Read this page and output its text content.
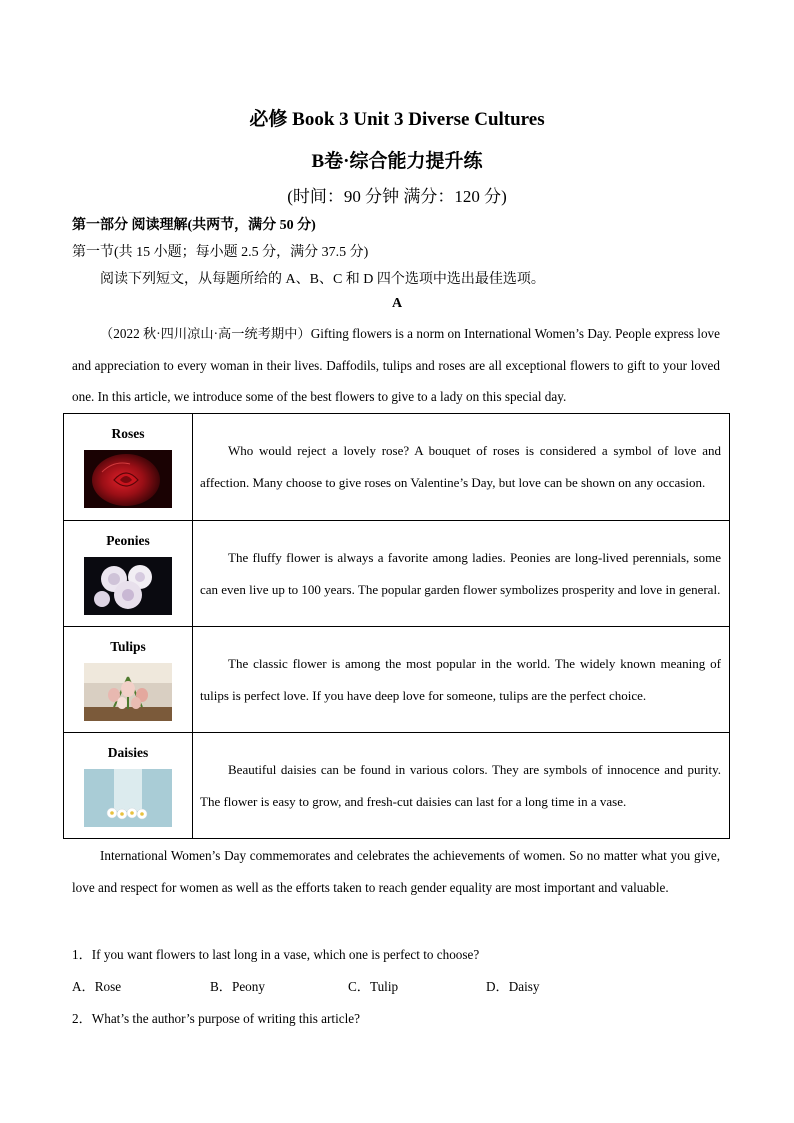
必修 Book 3 Unit 3 Diverse Cultures
B卷·综合能力提升练
(时间：90 分钟 满分：120 分)
第一部分 阅读理解(共两节，满分 50 分)
第一节(共 15 小题；每小题 2.5 分，满分 37.5 分)
阅读下列短文，从每题所给的 A、B、C 和 D 四个选项中选出最佳选项。
A
（2022 秋·四川凉山·高一统考期中）Gifting flowers is a norm on International Women’s Day. People express love and appreciation to every woman in their lives. Daffodils, tulips and roses are all exceptional flowers to gift to your loved one. In this article, we introduce some of the best flowers to give to a lady on this special day.
Roses	Who would reject a lovely rose? A bouquet of roses is considered a symbol of love and affection. Many choose to give roses on Valentine’s Day, but love can be shown on any occasion.

Peonies	The fluffy flower is always a favorite among ladies. Peonies are long-lived perennials, some can even live up to 100 years. The popular garden flower symbolizes prosperity and love in general.

Tulips	The classic flower is among the most popular in the world. The widely known meaning of tulips is perfect love. If you have deep love for someone, tulips are the perfect choice.

Daisies	Beautiful daisies can be found in various colors. They are symbols of innocence and purity. The flower is easy to grow, and fresh-cut daisies can last for a long time in a vase.
International Women’s Day commemorates and celebrates the achievements of women. So no matter what you give, love and respect for women as well as the efforts taken to reach gender equality are most important and valuable.
1．If you want flowers to last long in a vase, which one is perfect to choose?
A．Rose	B．Peony	C．Tulip	D．Daisy
2．What’s the author’s purpose of writing this article?
